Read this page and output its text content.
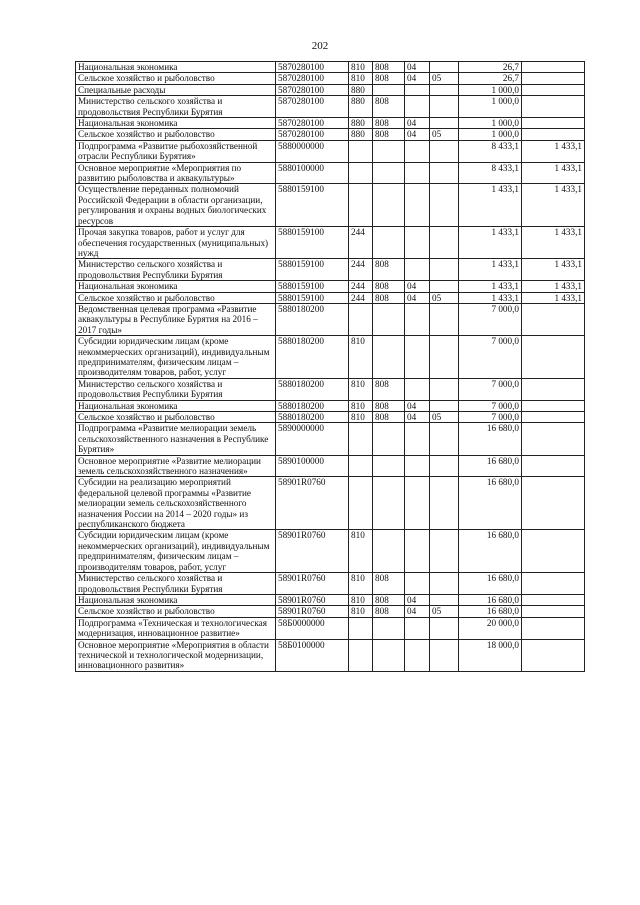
202
Национальная экономика	5870280100	810	808	04		26,7	
Сельское хозяйство и рыболовство	5870280100	810	808	04	05	26,7	
Специальные расходы	5870280100	880				1 000,0	
Министерство сельского хозяйства и продовольствия Республики Бурятия	5870280100	880	808			1 000,0	
Национальная экономика	5870280100	880	808	04		1 000,0	
Сельское хозяйство и рыболовство	5870280100	880	808	04	05	1 000,0	
Подпрограмма «Развитие рыбохозяйственной отрасли Республики Бурятия»	5880000000					8 433,1	1 433,1
Основное мероприятие «Мероприятия по развитию рыболовства и аквакультуры»	5880100000					8 433,1	1 433,1
Осуществление переданных полномочий Российской Федерации в области организации, регулирования и охраны водных биологических ресурсов	5880159100					1 433,1	1 433,1
Прочая закупка товаров, работ и услуг для обеспечения государственных (муниципальных) нужд	5880159100	244				1 433,1	1 433,1
Министерство сельского хозяйства и продовольствия Республики Бурятия	5880159100	244	808			1 433,1	1 433,1
Национальная экономика	5880159100	244	808	04		1 433,1	1 433,1
Сельское хозяйство и рыболовство	5880159100	244	808	04	05	1 433,1	1 433,1
Ведомственная целевая программа «Развитие аквакультуры в Республике Бурятия на 2016 – 2017 годы»	5880180200					7 000,0	
Субсидии юридическим лицам (кроме некоммерческих организаций), индивидуальным предпринимателям, физическим лицам – производителям товаров, работ, услуг	5880180200	810				7 000,0	
Министерство сельского хозяйства и продовольствия Республики Бурятия	5880180200	810	808			7 000,0	
Национальная экономика	5880180200	810	808	04		7 000,0	
Сельское хозяйство и рыболовство	5880180200	810	808	04	05	7 000,0	
Подпрограмма «Развитие мелиорации земель сельскохозяйственного назначения в Республике Бурятия»	5890000000					16 680,0	
Основное мероприятие «Развитие мелиорации земель сельскохозяйственного назначения»	5890100000					16 680,0	
Субсидии на реализацию мероприятий федеральной целевой программы «Развитие мелиорации земель сельскохозяйственного назначения России на 2014 – 2020 годы» из республиканского бюджета	58901R0760					16 680,0	
Субсидии юридическим лицам (кроме некоммерческих организаций), индивидуальным предпринимателям, физическим лицам – производителям товаров, работ, услуг	58901R0760	810				16 680,0	
Министерство сельского хозяйства и продовольствия Республики Бурятия	58901R0760	810	808			16 680,0	
Национальная экономика	58901R0760	810	808	04		16 680,0	
Сельское хозяйство и рыболовство	58901R0760	810	808	04	05	16 680,0	
Подпрограмма «Техническая и технологическая модернизация, инновационное развитие»	58Б0000000					20 000,0	
Основное мероприятие «Мероприятия в области технической и технологической модернизации, инновационного развития»	58Б0100000					18 000,0	
